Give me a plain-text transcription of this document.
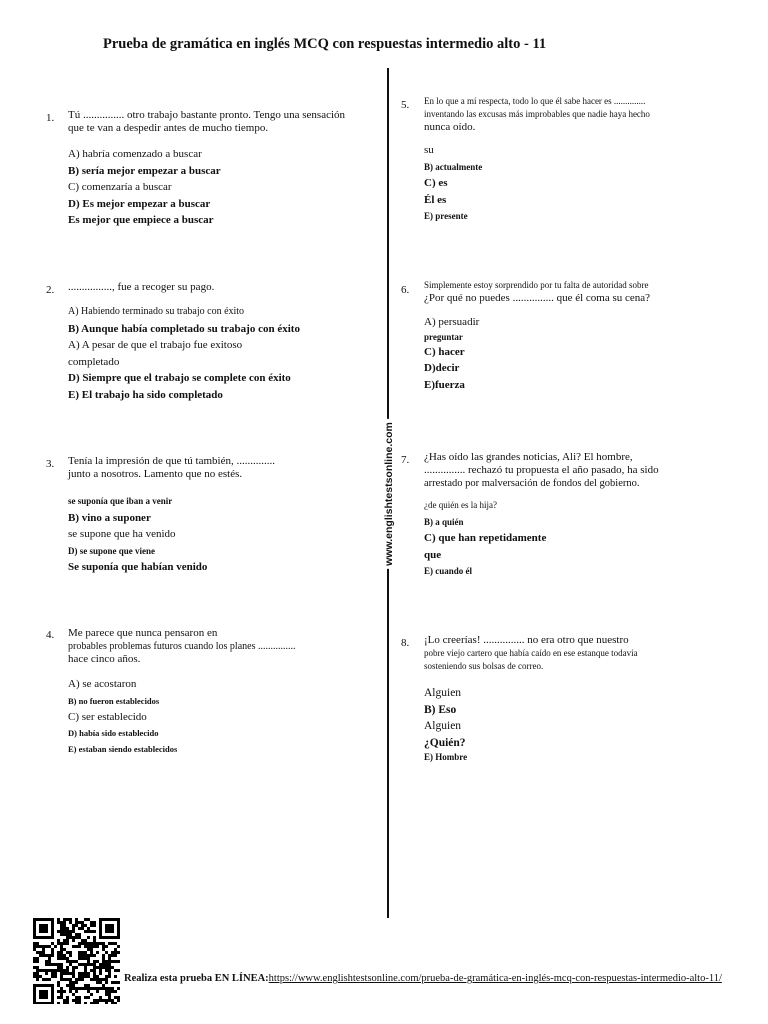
Prueba de gramática en inglés MCQ con respuestas intermedio alto - 11
www.englishtestsonline.com
1. Tú ............... otro trabajo bastante pronto. Tengo una sensación
que te van a despedir antes de mucho tiempo.
A) habría comenzado a buscar
B) sería mejor empezar a buscar
C) comenzaría a buscar
D) Es mejor empezar a buscar
Es mejor que empiece a buscar
2. ................, fue a recoger su pago.
A) Habiendo terminado su trabajo con éxito
B) Aunque había completado su trabajo con éxito
A) A pesar de que el trabajo fue exitoso
completado
D) Siempre que el trabajo se complete con éxito
E) El trabajo ha sido completado
3. Tenía la impresión de que tú también, ..............
junto a nosotros. Lamento que no estés.
se suponía que iban a venir
B) vino a suponer
se supone que ha venido
D) se supone que viene
Se suponía que habían venido
4. Me parece que nunca pensaron en
probables problemas futuros cuando los planes ...............
hace cinco años.
A) se acostaron
B) no fueron establecidos
C) ser establecido
D) había sido establecido
E) estaban siendo establecidos
5. En lo que a mí respecta, todo lo que él sabe hacer es ..............
inventando las excusas más improbables que nadie haya hecho
nunca oído.
su
B) actualmente
C) es
Él es
E) presente
6. Simplemente estoy sorprendido por tu falta de autoridad sobre
¿Por qué no puedes ............... que él coma su cena?
A) persuadir
preguntar
C) hacer
D)decir
E)fuerza
7. ¿Has oído las grandes noticias, Ali? El hombre,
............... rechazó tu propuesta el año pasado, ha sido
arrestado por malversación de fondos del gobierno.
¿de quién es la hija?
B) a quién
C) que han repetidamente
que
E) cuando él
8. ¡Lo creerías! ............... no era otro que nuestro
pobre viejo cartero que había caído en ese estanque todavía
sosteniendo sus bolsas de correo.
Alguien
B) Eso
Alguien
¿Quién?
E) Hombre
Realiza esta prueba EN LÍNEA:https://www.englishtestsonline.com/prueba-de-gramática-en-inglés-mcq-con-respuestas-intermedio-alto-11/
